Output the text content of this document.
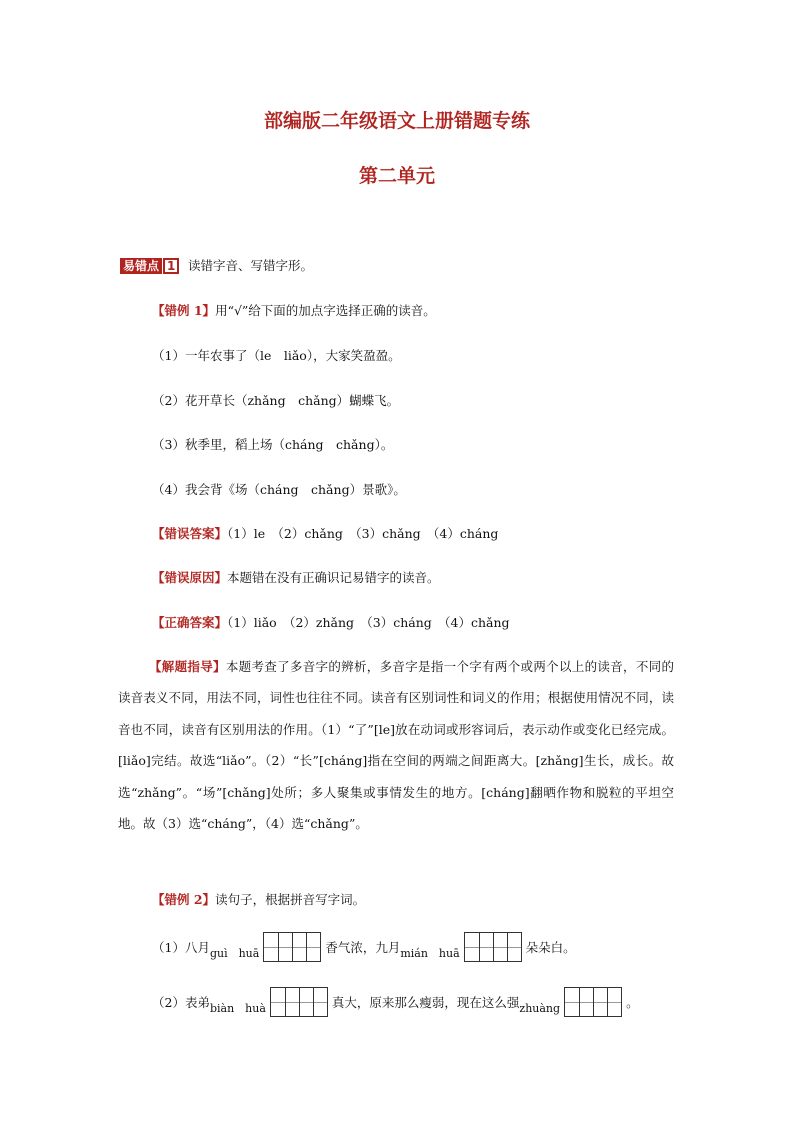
部编版二年级语文上册错题专练
第二单元
易错点 1	读错字音、写错字形。
【错例 1】用“√”给下面的加点字选择正确的读音。
（1）一年农事了（le　liǎo），大家笑盈盈。
（2）花开草长（zhǎng　chǎng）蝴蝶飞。
（3）秋季里，稻上场（cháng　chǎng）。
（4）我会背《场（cháng　chǎng）景歌》。
【错误答案】（1）le　（2）chǎng　（3）chǎng　（4）cháng
【错误原因】本题错在没有正确识记易错字的读音。
【正确答案】（1）liǎo　（2）zhǎng　（3）cháng　（4）chǎng
【解题指导】本题考查了多音字的辨析，多音字是指一个字有两个或两个以上的读音，不同的读音表义不同，用法不同，词性也往往不同。读音有区别词性和词义的作用；根据使用情况不同，读音也不同，读音有区别用法的作用。（1）“了”[le]放在动词或形容词后，表示动作或变化已经完成。[liǎo]完结。故选“liǎo”。（2）“长”[cháng]指在空间的两端之间距离大。[zhǎng]生长，成长。故选“zhǎng”。“场”[chǎng]处所；多人聚集或事情发生的地方。[cháng]翻晒作物和脱粒的平坦空地。故（3）选“cháng”，（4）选“chǎng”。
【错例 2】读句子，根据拼音写字词。
（1）八月 guì　huā	香气浓，九月 mián　huā	朵朵白。
（2）表弟 biàn　huà	真大，原来那么瘦弱，现在这么强 zhuàng	。
